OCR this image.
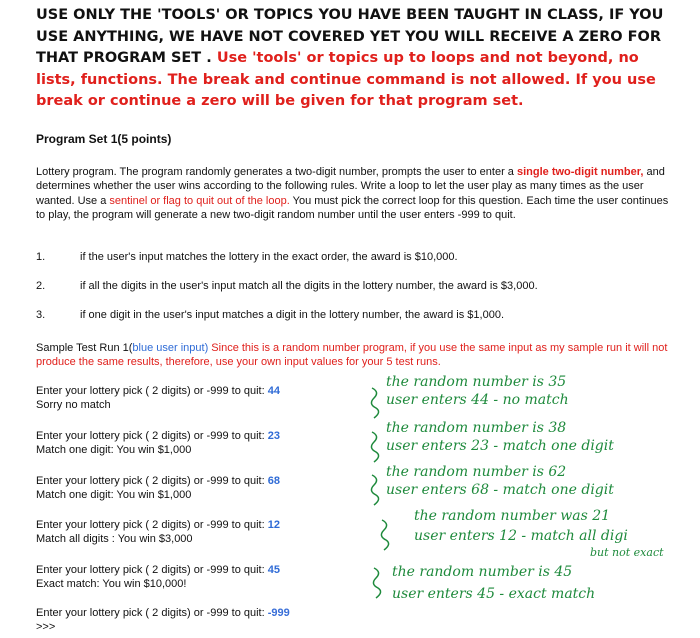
USE ONLY THE 'TOOLS' OR TOPICS YOU HAVE BEEN TAUGHT IN CLASS, IF YOU USE ANYTHING, WE HAVE NOT COVERED YET YOU WILL RECEIVE A ZERO FOR THAT PROGRAM SET . Use 'tools' or topics up to loops and not beyond, no lists, functions. The break and continue command is not allowed. If you use break or continue a zero will be given for that program set.
Program Set 1(5 points)
Lottery program. The program randomly generates a two-digit number, prompts the user to enter a single two-digit number, and determines whether the user wins according to the following rules. Write a loop to let the user play as many times as the user wanted. Use a sentinel or flag to quit out of the loop. You must pick the correct loop for this question. Each time the user continues to play, the program will generate a new two-digit random number until the user enters -999 to quit.
1.	if the user's input matches the lottery in the exact order, the award is $10,000.
2.	if all the digits in the user's input match all the digits in the lottery number, the award is $3,000.
3.	if one digit in the user's input matches a digit in the lottery number, the award is $1,000.
Sample Test Run 1(blue user input) Since this is a random number program, if you use the same input as my sample run it will not produce the same results, therefore, use your own input values for your 5 test runs.
Enter your lottery pick ( 2 digits) or -999 to quit: 44
Sorry no match
Enter your lottery pick ( 2 digits) or -999 to quit: 23
Match one digit: You win $1,000
Enter your lottery pick ( 2 digits) or -999 to quit: 68
Match one digit: You win $1,000
Enter your lottery pick ( 2 digits) or -999 to quit: 12
Match all digits : You win $3,000
Enter your lottery pick ( 2 digits) or -999 to quit: 45
Exact match: You win $10,000!
Enter your lottery pick ( 2 digits) or -999 to quit: -999
>>>
the random number is 35
user enters 44 - no match
the random number is 38
user enters 23 - match one digit
the random number is 62
user enters 68 - match one digit
the random number was 21
user enters 12 - match all digi
but not exact
the random number is 45
user enters 45 - exact match
